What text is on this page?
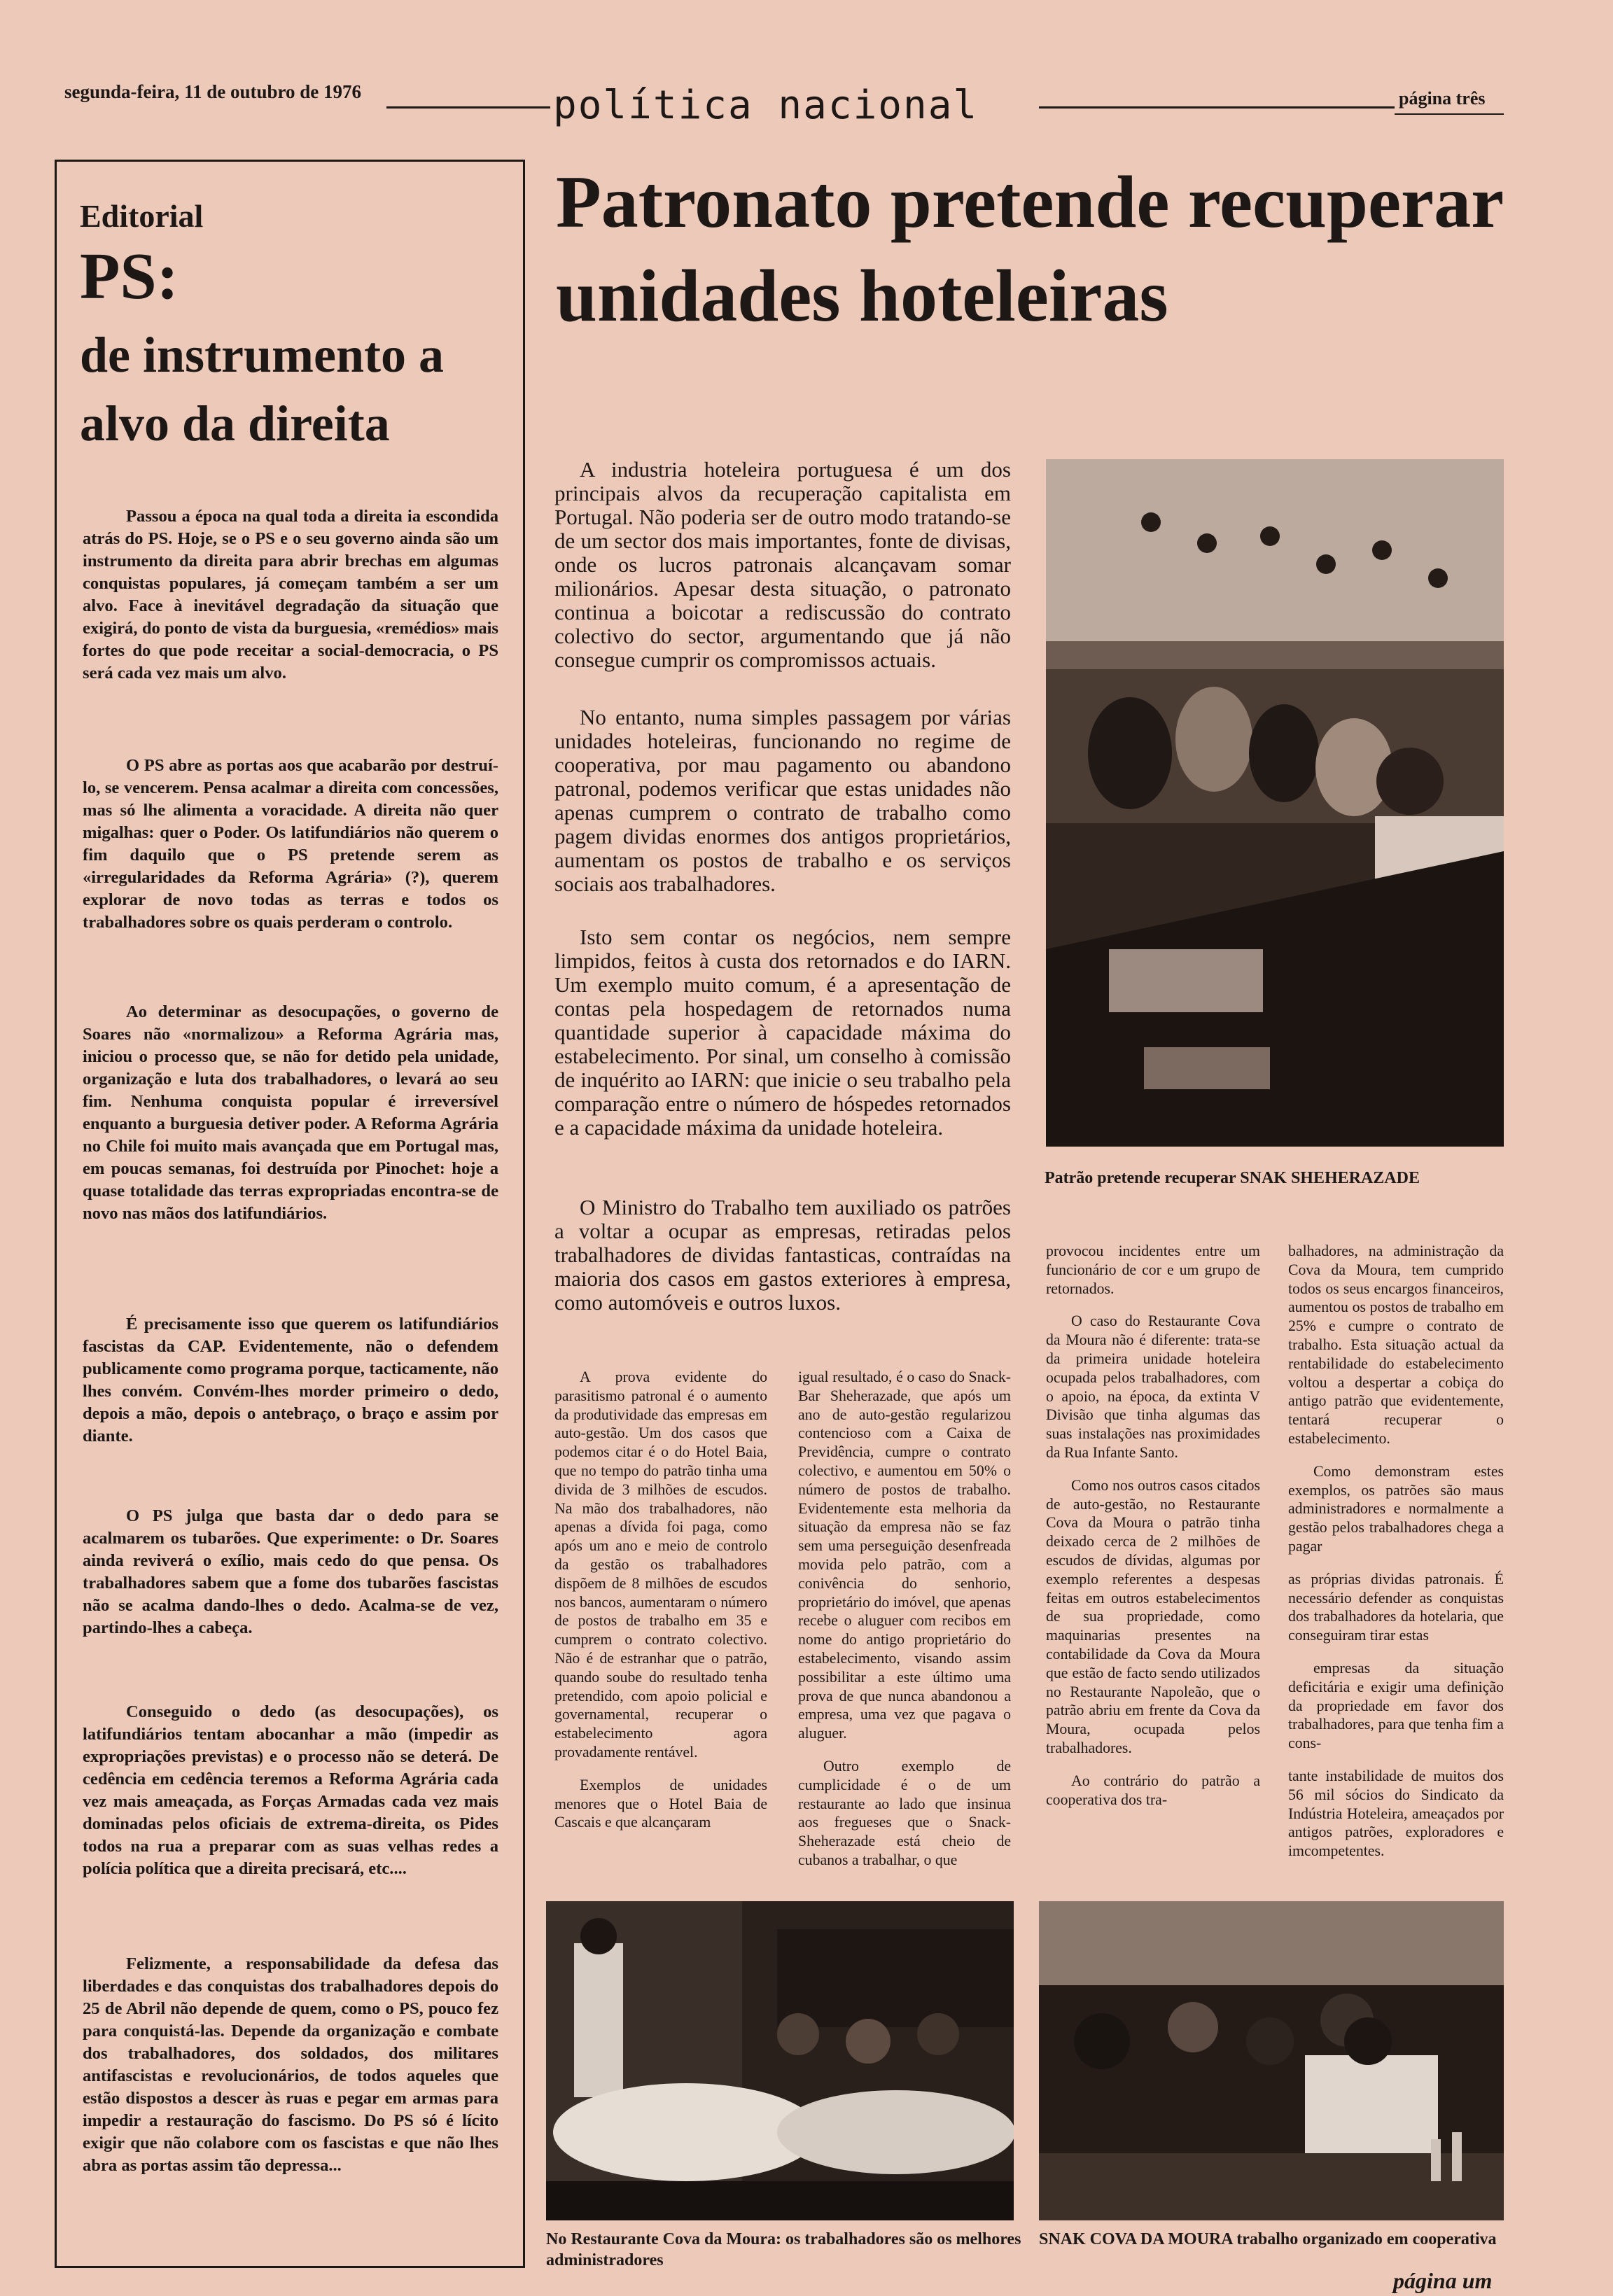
segunda-feira, 11 de outubro de 1976	política nacional	página três
Editorial
PS:
de instrumento a alvo da direita

Passou a época na qual toda a direita ia escondida atrás do PS. Hoje, se o PS e o seu governo ainda são um instrumento da direita para abrir brechas em algumas conquistas populares, já começam também a ser um alvo. Face à inevitável degradação da situação que exigirá, do ponto de vista da burguesia, «remédios» mais fortes do que pode receitar a social-democracia, o PS será cada vez mais um alvo.

O PS abre as portas aos que acabarão por destruí-lo, se vencerem. Pensa acalmar a direita com concessões, mas só lhe alimenta a voracidade. A direita não quer migalhas: quer o Poder. Os latifundiários não querem o fim daquilo que o PS pretende serem as «irregularidades da Reforma Agrária» (?), querem explorar de novo todas as terras e todos os trabalhadores sobre os quais perderam o controlo.

Ao determinar as desocupações, o governo de Soares não «normalizou» a Reforma Agrária mas, iniciou o processo que, se não for detido pela unidade, organização e luta dos trabalhadores, o levará ao seu fim. Nenhuma conquista popular é irreversível enquanto a burguesia detiver poder. A Reforma Agrária no Chile foi muito mais avançada que em Portugal mas, em poucas semanas, foi destruída por Pinochet: hoje a quase totalidade das terras expropriadas encontra-se de novo nas mãos dos latifundiários.

É precisamente isso que querem os latifundiários fascistas da CAP. Evidentemente, não o defendem publicamente como programa porque, tacticamente, não lhes convém. Convém-lhes morder primeiro o dedo, depois a mão, depois o antebraço, o braço e assim por diante.

O PS julga que basta dar o dedo para se acalmarem os tubarões. Que experimente: o Dr. Soares ainda reviverá o exílio, mais cedo do que pensa. Os trabalhadores sabem que a fome dos tubarões fascistas não se acalma dando-lhes o dedo. Acalma-se de vez, partindo-lhes a cabeça.

Conseguido o dedo (as desocupações), os latifundiários tentam abocanhar a mão (impedir as expropriações previstas) e o processo não se deterá. De cedência em cedência teremos a Reforma Agrária cada vez mais ameaçada, as Forças Armadas cada vez mais dominadas pelos oficiais de extrema-direita, os Pides todos na rua a preparar com as suas velhas redes a polícia política que a direita precisará, etc....

Felizmente, a responsabilidade da defesa das liberdades e das conquistas dos trabalhadores depois do 25 de Abril não depende de quem, como o PS, pouco fez para conquistá-las. Depende da organização e combate dos trabalhadores, dos soldados, dos militares antifascistas e revolucionários, de todos aqueles que estão dispostos a descer às ruas e pegar em armas para impedir a restauração do fascismo. Do PS só é lícito exigir que não colabore com os fascistas e que não lhes abra as portas assim tão depressa...

Patronato pretende recuperar unidades hoteleiras

A industria hoteleira portuguesa é um dos principais alvos da recuperação capitalista em Portugal. Não poderia ser de outro modo tratando-se de um sector dos mais importantes, fonte de divisas, onde os lucros patronais alcançavam somar milionários. Apesar desta situação, o patronato continua a boicotar a rediscussão do contrato colectivo do sector, argumentando que já não consegue cumprir os compromissos actuais.

No entanto, numa simples passagem por várias unidades hoteleiras, funcionando no regime de cooperativa, por mau pagamento ou abandono patronal, podemos verificar que estas unidades não apenas cumprem o contrato de trabalho como pagem dividas enormes dos antigos proprietários, aumentam os postos de trabalho e os serviços sociais aos trabalhadores.

Isto sem contar os negócios, nem sempre limpidos, feitos à custa dos retornados e do IARN. Um exemplo muito comum, é a apresentação de contas pela hospedagem de retornados numa quantidade superior à capacidade máxima do estabelecimento. Por sinal, um conselho à comissão de inquérito ao IARN: que inicie o seu trabalho pela comparação entre o número de hóspedes retornados e a capacidade máxima da unidade hoteleira.

O Ministro do Trabalho tem auxiliado os patrões a voltar a ocupar as empresas, retiradas pelos trabalhadores de dividas fantasticas, contraídas na maioria dos casos em gastos exteriores à empresa, como automóveis e outros luxos.

Patrão pretende recuperar SNAK SHEHERAZADE

A prova evidente do parasitismo patronal é o aumento da produtividade das empresas em auto-gestão. Um dos casos que podemos citar é o do Hotel Baia, que no tempo do patrão tinha uma divida de 3 milhões de escudos. Na mão dos trabalhadores, não apenas a dívida foi paga, como após um ano e meio de controlo da gestão os trabalhadores dispõem de 8 milhões de escudos nos bancos, aumentaram o número de postos de trabalho em 35 e cumprem o contrato colectivo. Não é de estranhar que o patrão, quando soube do resultado tenha pretendido, com apoio policial e governamental, recuperar o estabelecimento agora provadamente rentável.

Exemplos de unidades menores que o Hotel Baia de Cascais e que alcançaram

igual resultado, é o caso do Snack-Bar Sheherazade, que após um ano de auto-gestão regularizou contencioso com a Caixa de Previdência, cumpre o contrato colectivo, e aumentou em 50% o número de postos de trabalho. Evidentemente esta melhoria da situação da empresa não se faz sem uma perseguição desenfreada movida pelo patrão, com a conivência do senhorio, proprietário do imóvel, que apenas recebe o aluguer com recibos em nome do antigo proprietário do estabelecimento, visando assim possibilitar a este último uma prova de que nunca abandonou a empresa, uma vez que pagava o aluguer.

Outro exemplo de cumplicidade é o de um restaurante ao lado que insinua aos fregueses que o Snack-Sheherazade está cheio de cubanos a trabalhar, o que

provocou incidentes entre um funcionário de cor e um grupo de retornados.

O caso do Restaurante Cova da Moura não é diferente: trata-se da primeira unidade hoteleira ocupada pelos trabalhadores, com o apoio, na época, da extinta V Divisão que tinha algumas das suas instalações nas proximidades da Rua Infante Santo.

Como nos outros casos citados de auto-gestão, no Restaurante Cova da Moura o patrão tinha deixado cerca de 2 milhões de escudos de dívidas, algumas por exemplo referentes a despesas feitas em outros estabelecimentos de sua propriedade, como maquinarias presentes na contabilidade da Cova da Moura que estão de facto sendo utilizados no Restaurante Napoleão, que o patrão abriu em frente da Cova da Moura, ocupada pelos trabalhadores.

Ao contrário do patrão a cooperativa dos tra-

balhadores, na administração da Cova da Moura, tem cumprido todos os seus encargos financeiros, aumentou os postos de trabalho em 25% e cumpre o contrato de trabalho. Esta situação actual da rentabilidade do estabelecimento voltou a despertar a cobiça do antigo patrão que evidentemente, tentará recuperar o estabelecimento.

Como demonstram estes exemplos, os patrões são maus administradores e normalmente a gestão pelos trabalhadores chega a pagar

as próprias dividas patronais. É necessário defender as conquistas dos trabalhadores da hotelaria, que conseguiram tirar estas

empresas da situação deficitária e exigir uma definição da propriedade em favor dos trabalhadores, para que tenha fim a cons-

tante instabilidade de muitos dos 56 mil sócios do Sindicato da Indústria Hoteleira, ameaçados por antigos patrões, exploradores e imcompetentes.

No Restaurante Cova da Moura: os trabalhadores são os melhores administradores
SNAK COVA DA MOURA trabalho organizado em cooperativa
página um
